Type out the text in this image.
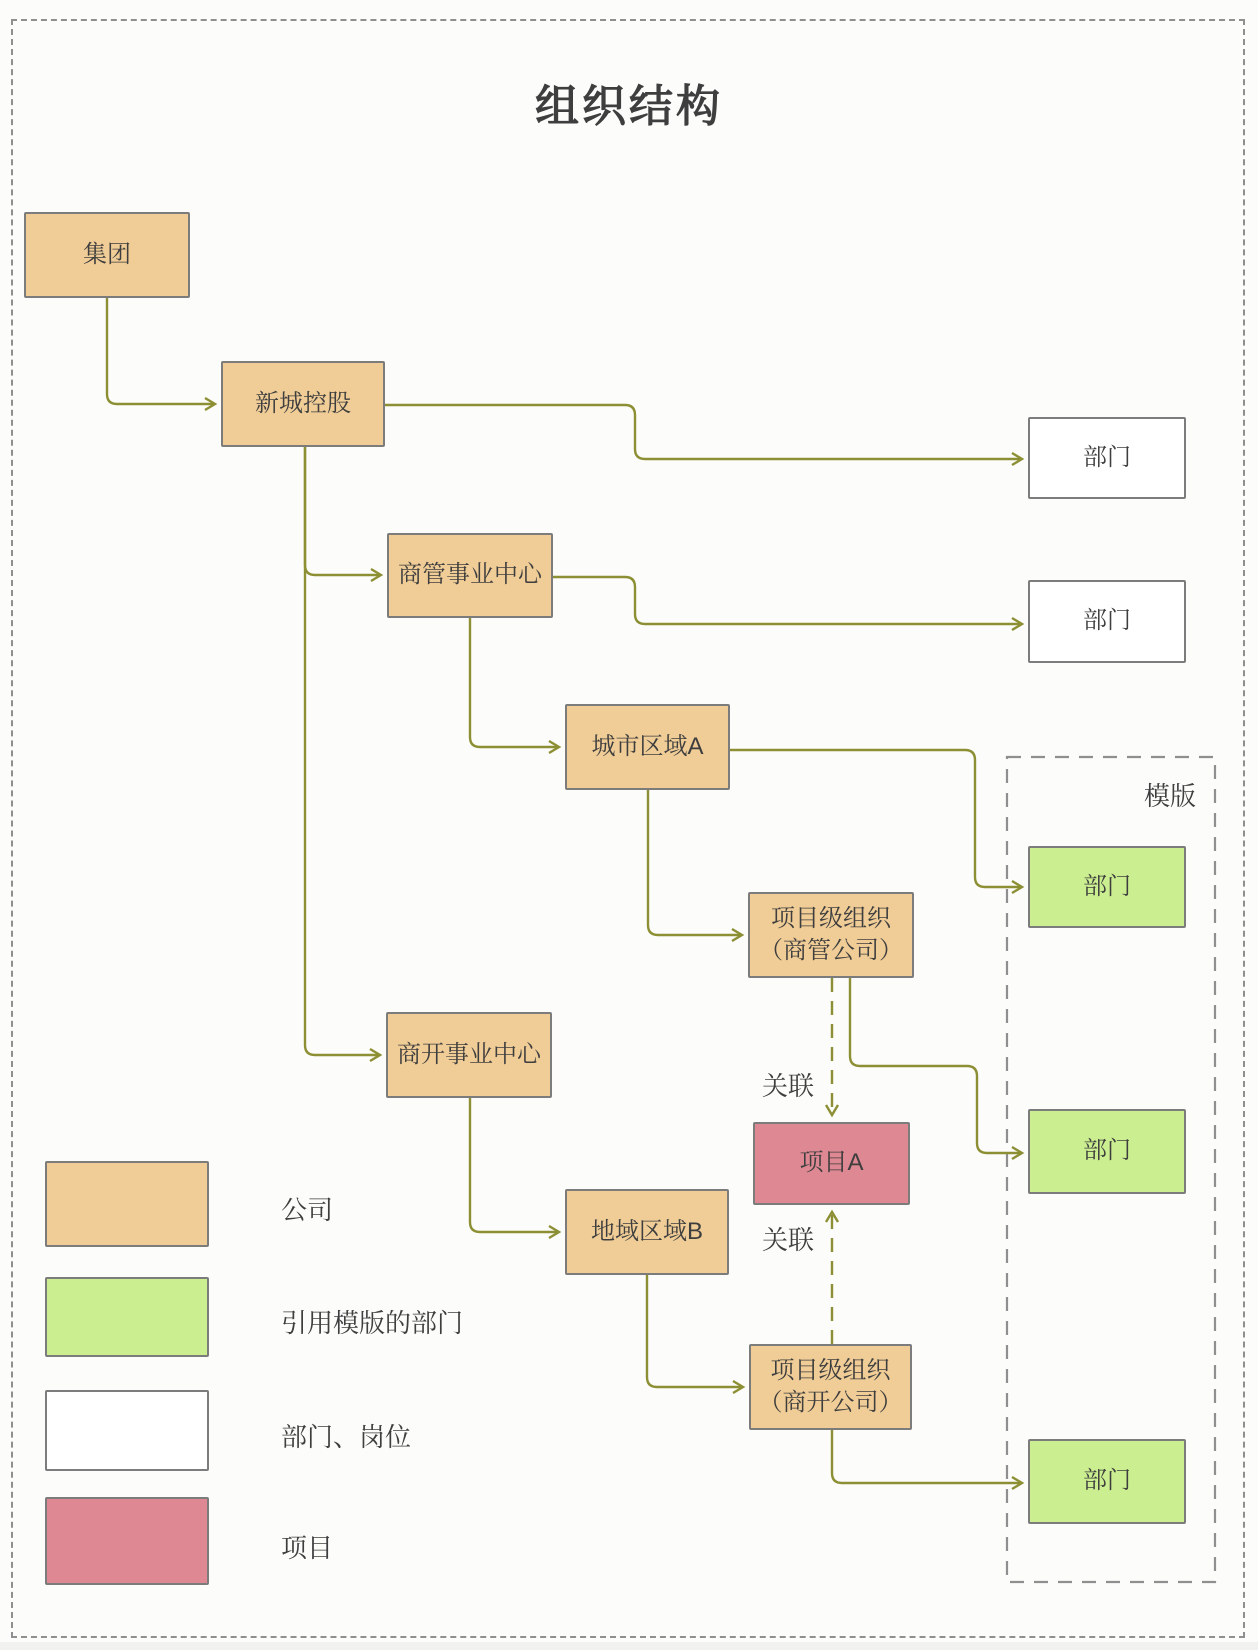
组织结构
集团
新城控股
商管事业中心
城市区域A
项目级组织
（商管公司）
商开事业中心
地域区域B
项目A
项目级组织
（商开公司）
部门
部门
部门
部门
部门
模版
关联
关联
公司
引用模版的部门
部门、岗位
项目
